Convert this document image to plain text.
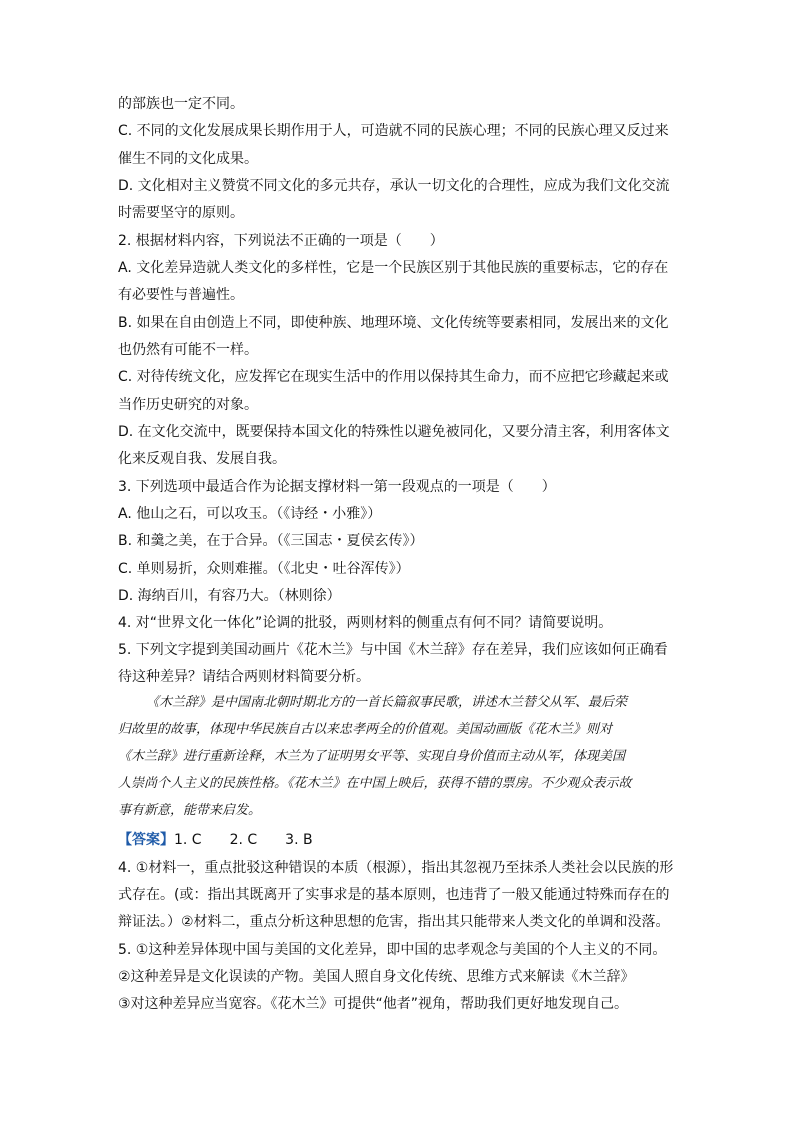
的部族也一定不同。
C. 不同的文化发展成果长期作用于人，可造就不同的民族心理；不同的民族心理又反过来
催生不同的文化成果。
D. 文化相对主义赞赏不同文化的多元共存，承认一切文化的合理性，应成为我们文化交流
时需要坚守的原则。
2. 根据材料内容，下列说法不正确的一项是（　　）
A. 文化差异造就人类文化的多样性，它是一个民族区别于其他民族的重要标志，它的存在
有必要性与普遍性。
B. 如果在自由创造上不同，即使种族、地理环境、文化传统等要素相同，发展出来的文化
也仍然有可能不一样。
C. 对待传统文化，应发挥它在现实生活中的作用以保持其生命力，而不应把它珍藏起来或
当作历史研究的对象。
D. 在文化交流中，既要保持本国文化的特殊性以避免被同化，又要分清主客，利用客体文
化来反观自我、发展自我。
3. 下列选项中最适合作为论据支撑材料一第一段观点的一项是（　　）
A. 他山之石，可以攻玉。（《诗经・小雅》）
B. 和羹之美，在于合异。（《三国志・夏侯玄传》）
C. 单则易折，众则难摧。（《北史・吐谷浑传》）
D. 海纳百川，有容乃大。（林则徐）
4. 对“世界文化一体化”论调的批驳，两则材料的侧重点有何不同？请简要说明。
5. 下列文字提到美国动画片《花木兰》与中国《木兰辞》存在差异，我们应该如何正确看
待这种差异？请结合两则材料简要分析。
《木兰辞》是中国南北朝时期北方的一首长篇叙事民歌，讲述木兰替父从军、最后荣
归故里的故事，体现中华民族自古以来忠孝两全的价值观。美国动画版《花木兰》则对
《木兰辞》进行重新诠释，木兰为了证明男女平等、实现自身价值而主动从军，体现美国
人崇尚个人主义的民族性格。《花木兰》在中国上映后，获得不错的票房。不少观众表示故
事有新意，能带来启发。
【答案】1. C　　2. C　　3. B
4. ①材料一，重点批驳这种错误的本质（根源），指出其忽视乃至抹杀人类社会以民族的形
式存在。(或：指出其既离开了实事求是的基本原则，也违背了一般又能通过特殊而存在的
辩证法。）②材料二，重点分析这种思想的危害，指出其只能带来人类文化的单调和没落。
5. ①这种差异体现中国与美国的文化差异，即中国的忠孝观念与美国的个人主义的不同。
②这种差异是文化误读的产物。美国人照自身文化传统、思维方式来解读《木兰辞》
③对这种差异应当宽容。《花木兰》可提供“他者”视角，帮助我们更好地发现自己。
